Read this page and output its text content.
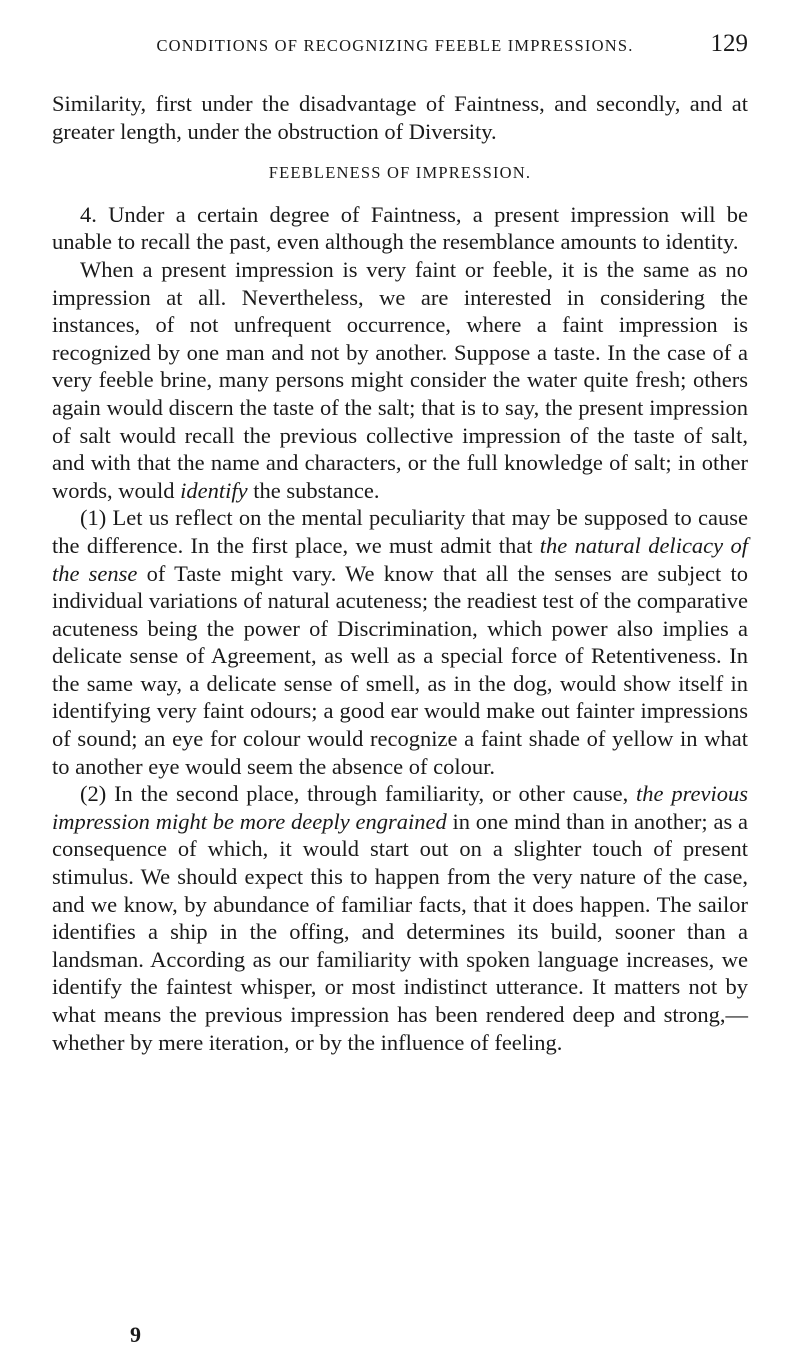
CONDITIONS OF RECOGNIZING FEEBLE IMPRESSIONS.	129

Similarity, first under the disadvantage of Faintness, and secondly, and at greater length, under the obstruction of Diversity.

FEEBLENESS OF IMPRESSION.

4. Under a certain degree of Faintness, a present impression will be unable to recall the past, even although the resemblance amounts to identity.

When a present impression is very faint or feeble, it is the same as no impression at all. Nevertheless, we are interested in considering the instances, of not unfrequent occurrence, where a faint impression is recognized by one man and not by another. Suppose a taste. In the case of a very feeble brine, many persons might consider the water quite fresh; others again would discern the taste of the salt; that is to say, the present impression of salt would recall the previous collective impression of the taste of salt, and with that the name and characters, or the full knowledge of salt; in other words, would identify the substance.

(1) Let us reflect on the mental peculiarity that may be supposed to cause the difference. In the first place, we must admit that the natural delicacy of the sense of Taste might vary. We know that all the senses are subject to individual variations of natural acuteness; the readiest test of the comparative acuteness being the power of Discrimination, which power also implies a delicate sense of Agreement, as well as a special force of Retentiveness. In the same way, a delicate sense of smell, as in the dog, would show itself in identifying very faint odours; a good ear would make out fainter impressions of sound; an eye for colour would recognize a faint shade of yellow in what to another eye would seem the absence of colour.

(2) In the second place, through familiarity, or other cause, the previous impression might be more deeply engrained in one mind than in another; as a consequence of which, it would start out on a slighter touch of present stimulus. We should expect this to happen from the very nature of the case, and we know, by abundance of familiar facts, that it does happen. The sailor identifies a ship in the offing, and determines its build, sooner than a landsman. According as our familiarity with spoken language increases, we identify the faintest whisper, or most indistinct utterance. It matters not by what means the previous impression has been rendered deep and strong,—whether by mere iteration, or by the influence of feeling.

9
